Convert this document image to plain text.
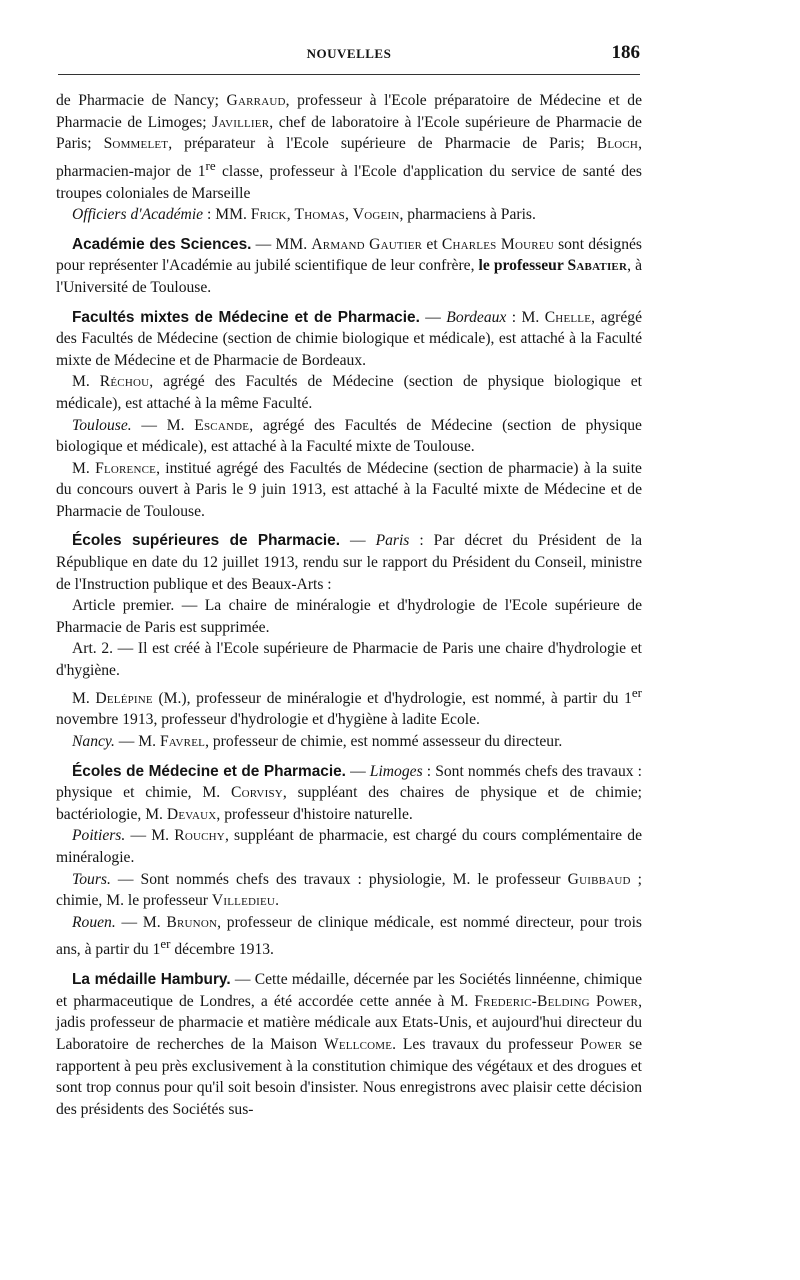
NOUVELLES	186

de Pharmacie de Nancy; Garraud, professeur à l'Ecole préparatoire de Médecine et de Pharmacie de Limoges; Javillier, chef de laboratoire à l'Ecole supérieure de Pharmacie de Paris; Sommelet, préparateur à l'Ecole supérieure de Pharmacie de Paris; Bloch, pharmacien-major de 1re classe, professeur à l'Ecole d'application du service de santé des troupes coloniales de Marseille

Officiers d'Académie : MM. Frick, Thomas, Vogein, pharmaciens à Paris.

Académie des Sciences. — MM. Armand Gautier et Charles Moureu sont désignés pour représenter l'Académie au jubilé scientifique de leur confrère, le professeur Sabatier, à l'Université de Toulouse.

Facultés mixtes de Médecine et de Pharmacie. — Bordeaux : M. Chelle, agrégé des Facultés de Médecine (section de chimie biologique et médicale), est attaché à la Faculté mixte de Médecine et de Pharmacie de Bordeaux.

M. Réchou, agrégé des Facultés de Médecine (section de physique biologique et médicale), est attaché à la même Faculté.

Toulouse. — M. Escande, agrégé des Facultés de Médecine (section de physique biologique et médicale), est attaché à la Faculté mixte de Toulouse.

M. Florence, institué agrégé des Facultés de Médecine (section de pharmacie) à la suite du concours ouvert à Paris le 9 juin 1913, est attaché à la Faculté mixte de Médecine et de Pharmacie de Toulouse.

Écoles supérieures de Pharmacie. — Paris : Par décret du Président de la République en date du 12 juillet 1913, rendu sur le rapport du Président du Conseil, ministre de l'Instruction publique et des Beaux-Arts :

Article premier. — La chaire de minéralogie et d'hydrologie de l'Ecole supérieure de Pharmacie de Paris est supprimée.

Art. 2. — Il est créé à l'Ecole supérieure de Pharmacie de Paris une chaire d'hydrologie et d'hygiène.

M. Delépine (M.), professeur de minéralogie et d'hydrologie, est nommé, à partir du 1er novembre 1913, professeur d'hydrologie et d'hygiène à ladite Ecole.

Nancy. — M. Favrel, professeur de chimie, est nommé assesseur du directeur.

Écoles de Médecine et de Pharmacie. — Limoges : Sont nommés chefs des travaux : physique et chimie, M. Corvisy, suppléant des chaires de physique et de chimie; bactériologie, M. Devaux, professeur d'histoire naturelle.

Poitiers. — M. Rouchy, suppléant de pharmacie, est chargé du cours complémentaire de minéralogie.

Tours. — Sont nommés chefs des travaux : physiologie, M. le professeur Guibbaud ; chimie, M. le professeur Villedieu.

Rouen. — M. Brunon, professeur de clinique médicale, est nommé directeur, pour trois ans, à partir du 1er décembre 1913.

La médaille Hambury. — Cette médaille, décernée par les Sociétés linnéenne, chimique et pharmaceutique de Londres, a été accordée cette année à M. Frederic-Belding Power, jadis professeur de pharmacie et matière médicale aux Etats-Unis, et aujourd'hui directeur du Laboratoire de recherches de la Maison Wellcome. Les travaux du professeur Power se rapportent à peu près exclusivement à la constitution chimique des végétaux et des drogues et sont trop connus pour qu'il soit besoin d'insister. Nous enregistrons avec plaisir cette décision des présidents des Sociétés sus-
